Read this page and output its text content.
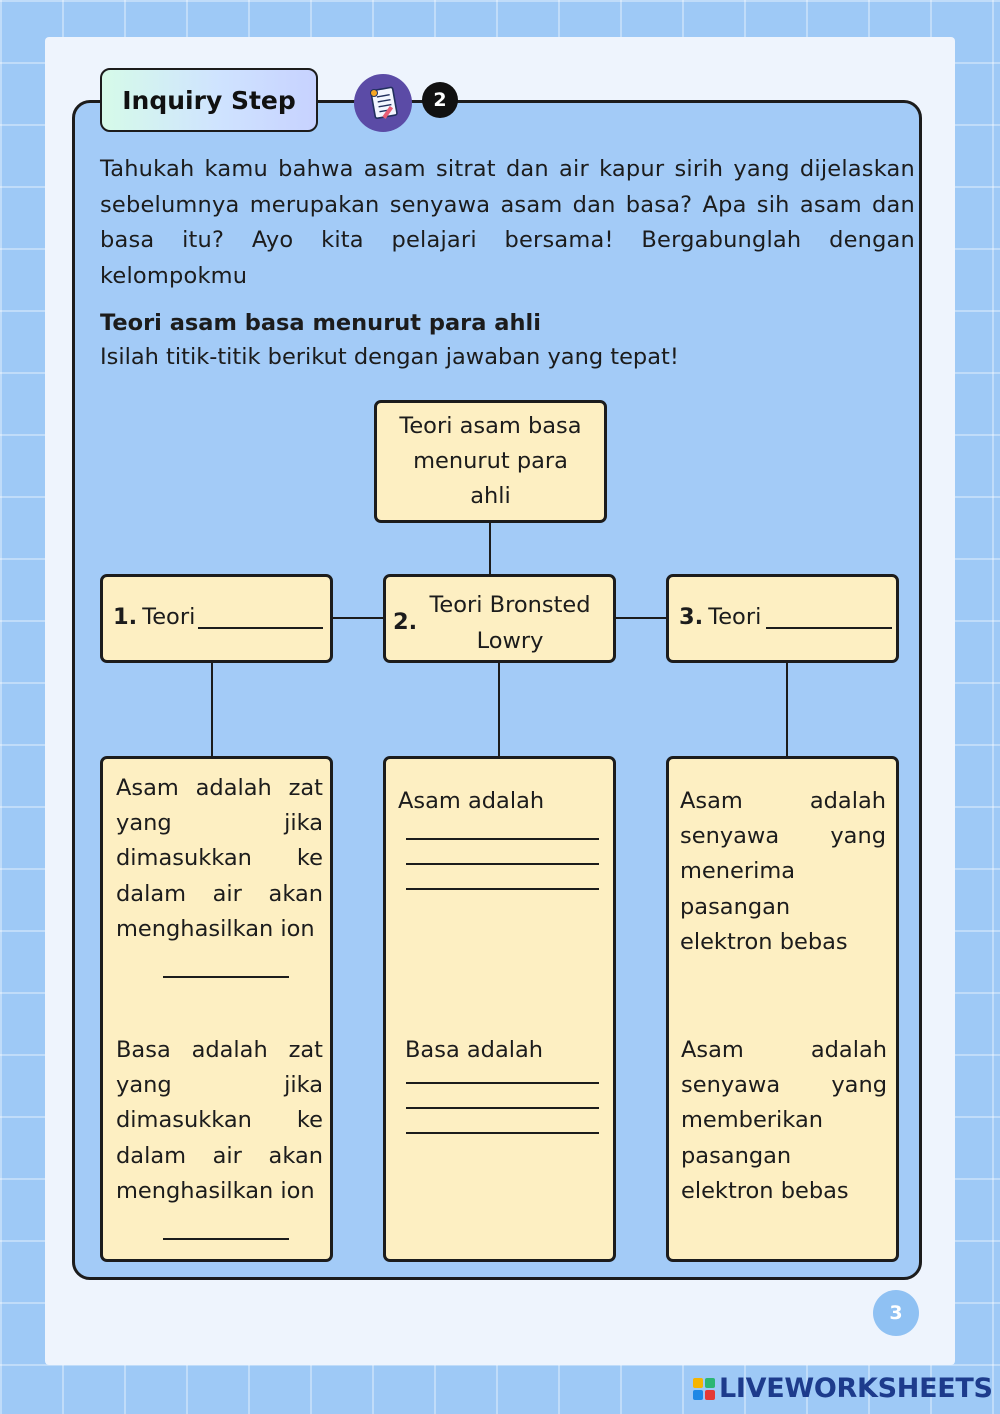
Inquiry Step	2
Tahukah kamu bahwa asam sitrat dan air kapur sirih yang dijelaskan sebelumnya merupakan senyawa asam dan basa? Apa sih asam dan basa itu? Ayo kita pelajari bersama! Bergabunglah dengan kelompokmu
Teori asam basa menurut para ahli
Isilah titik-titik berikut dengan jawaban yang tepat!
Teori asam basa menurut para ahli
1. Teori	2.
Teori Bronsted Lowry
3. Teori
Asam adalah zat yang jika dimasukkan ke dalam air akan menghasilkan ion
Basa adalah zat yang jika dimasukkan ke dalam air akan menghasilkan ion
Asam adalah
Basa adalah
Asam adalah senyawa yang menerima pasangan elektron bebas
Asam adalah senyawa yang memberikan pasangan elektron bebas
3
LIVEWORKSHEETS
